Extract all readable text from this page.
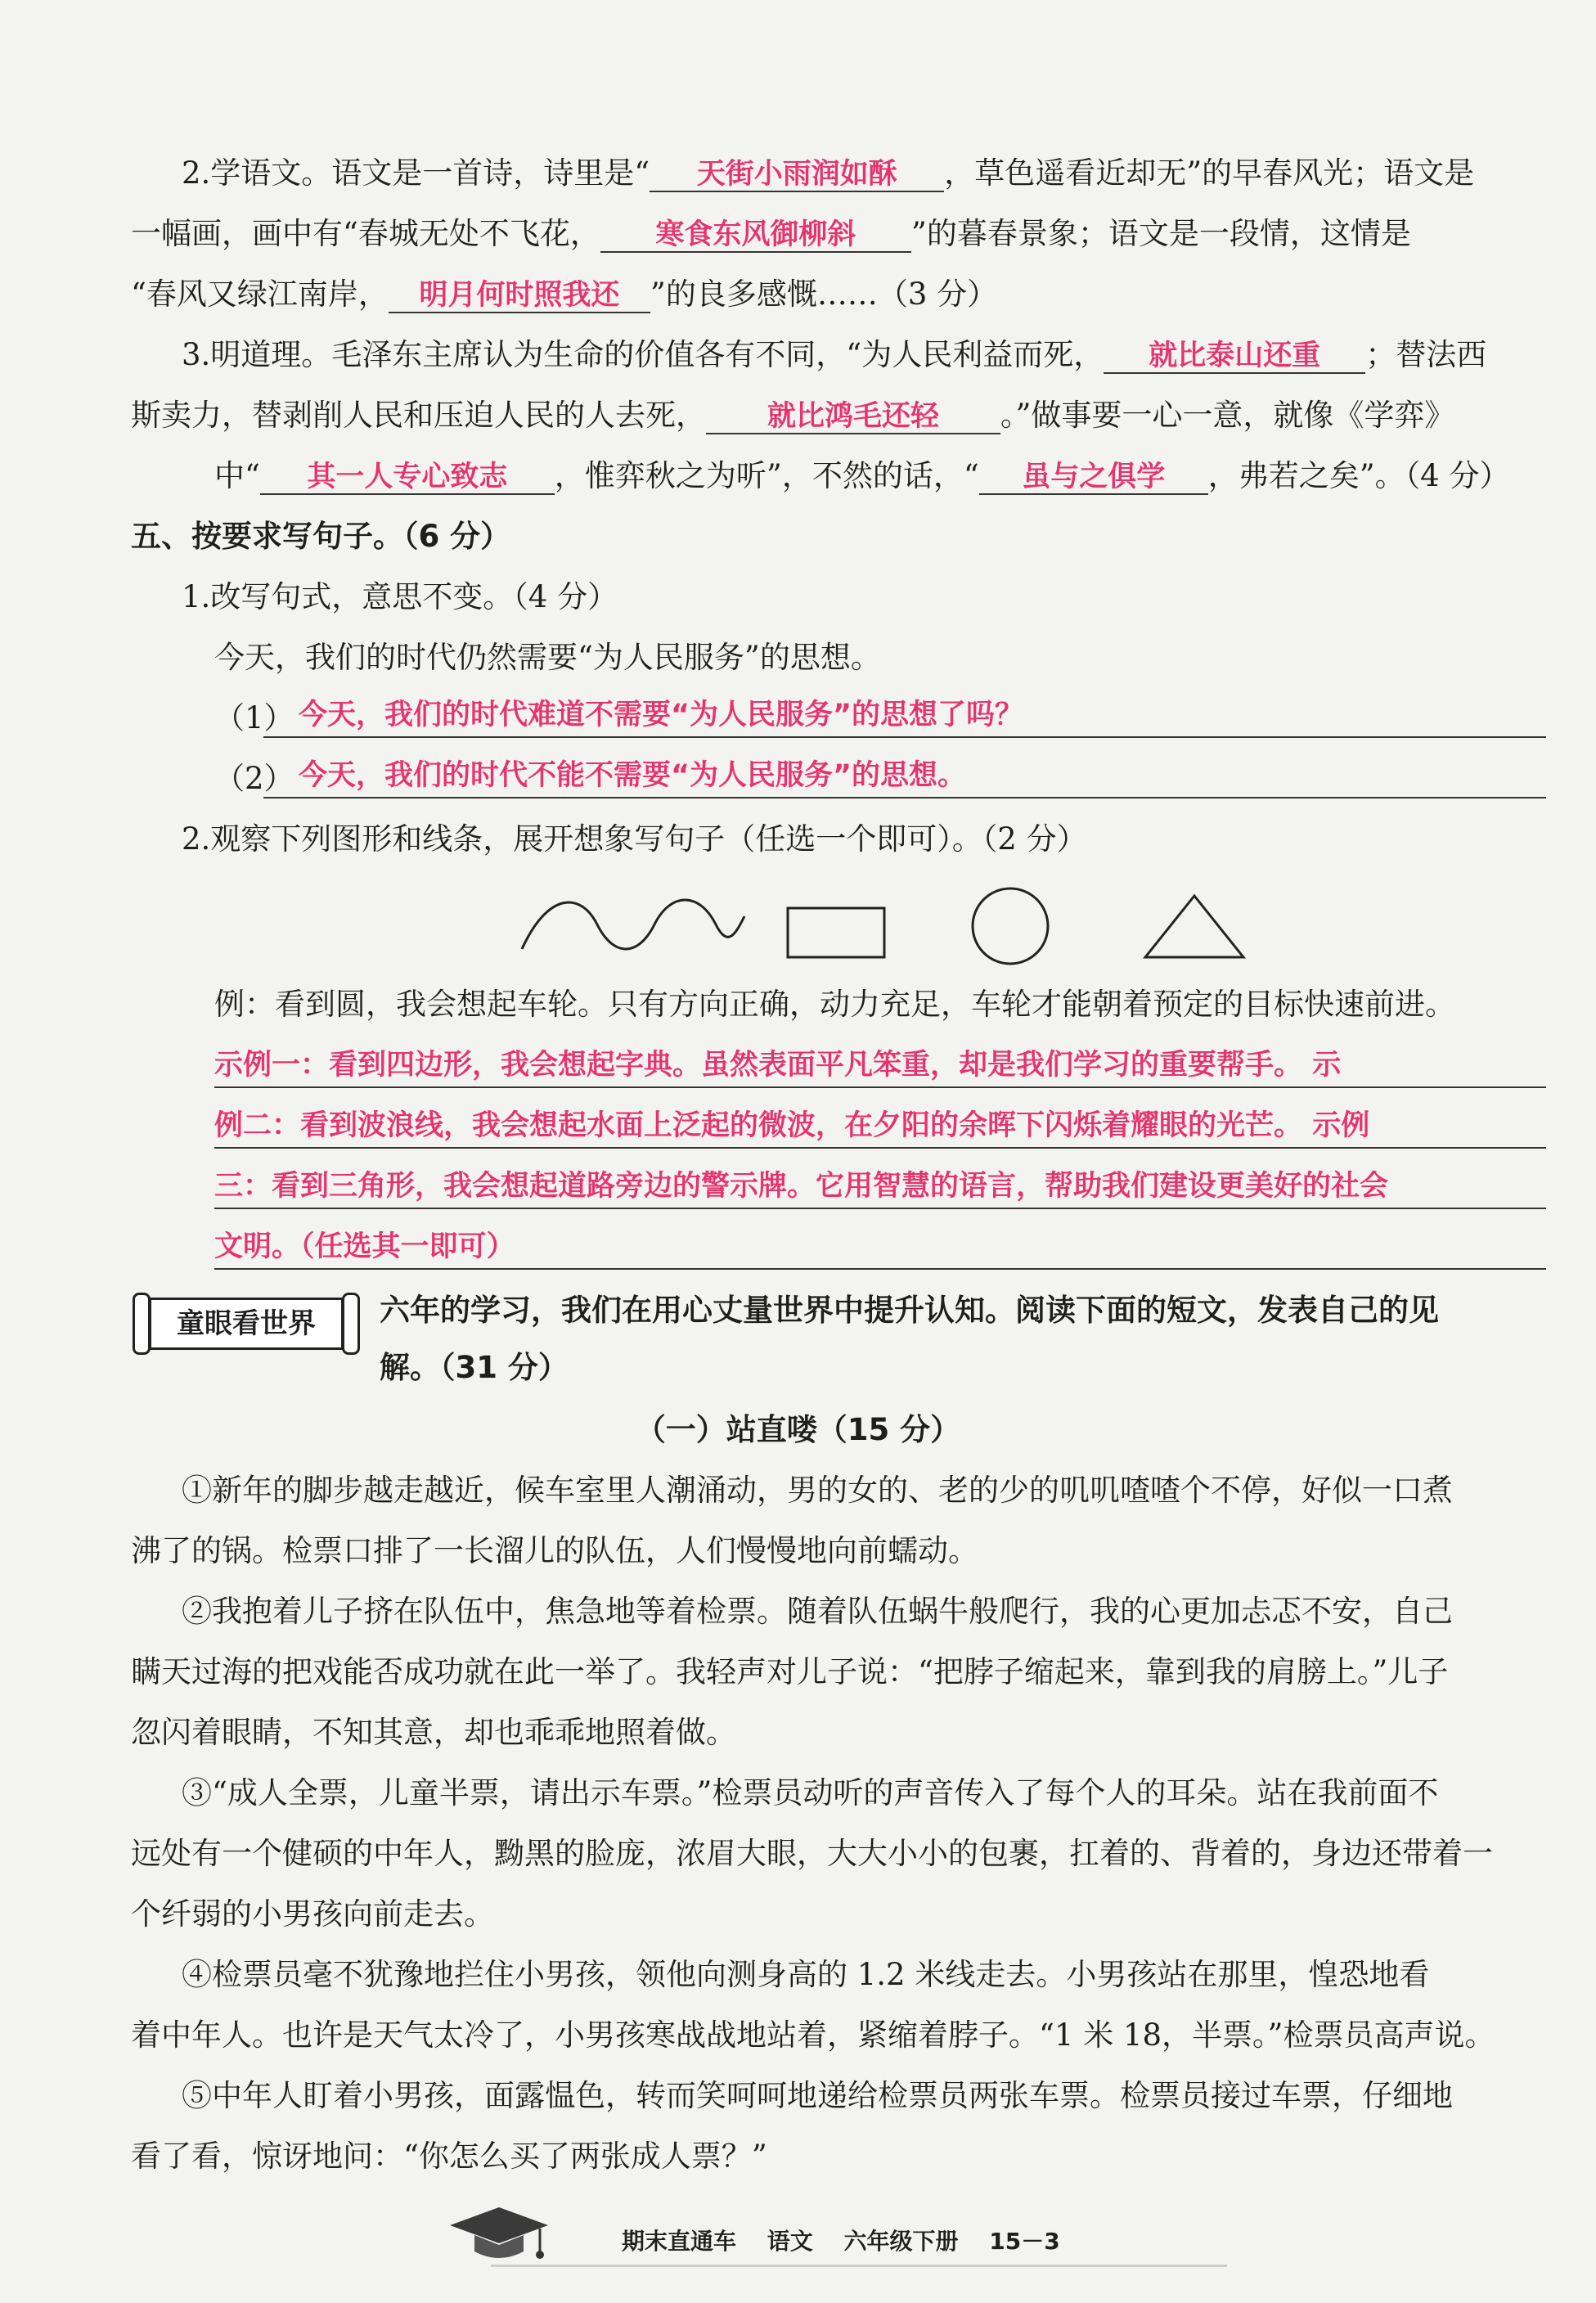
2.学语文。语文是一首诗，诗里是“ 天街小雨润如酥 ，草色遥看近却无”的早春风光；语文是
一幅画，画中有“春城无处不飞花， 寒食东风御柳斜 ”的暮春景象；语文是一段情，这情是
“春风又绿江南岸， 明月何时照我还 ”的良多感慨……（3 分）
3.明道理。毛泽东主席认为生命的价值各有不同，“为人民利益而死， 就比泰山还重 ；替法西
斯卖力，替剥削人民和压迫人民的人去死， 就比鸿毛还轻 。”做事要一心一意，就像《学弈》
中“ 其一人专心致志 ，惟弈秋之为听”，不然的话，“ 虽与之俱学 ，弗若之矣”。（4 分）
五、按要求写句子。（6 分）
1.改写句式，意思不变。（4 分）
今天，我们的时代仍然需要“为人民服务”的思想。
（1） 今天，我们的时代难道不需要“为人民服务”的思想了吗？
（2） 今天，我们的时代不能不需要“为人民服务”的思想。
2.观察下列图形和线条，展开想象写句子（任选一个即可）。（2 分）
例：看到圆，我会想起车轮。只有方向正确，动力充足，车轮才能朝着预定的目标快速前进。
示例一：看到四边形，我会想起字典。虽然表面平凡笨重，却是我们学习的重要帮手。 示
例二：看到波浪线，我会想起水面上泛起的微波，在夕阳的余晖下闪烁着耀眼的光芒。 示例
三：看到三角形，我会想起道路旁边的警示牌。它用智慧的语言，帮助我们建设更美好的社会
文明。（任选其一即可）
童眼看世界	六年的学习，我们在用心丈量世界中提升认知。阅读下面的短文，发表自己的见
解。（31 分）
（一）站直喽（15 分）
①新年的脚步越走越近，候车室里人潮涌动，男的女的、老的少的叽叽喳喳个不停，好似一口煮
沸了的锅。检票口排了一长溜儿的队伍，人们慢慢地向前蠕动。
②我抱着儿子挤在队伍中，焦急地等着检票。随着队伍蜗牛般爬行，我的心更加忐忑不安，自己
瞒天过海的把戏能否成功就在此一举了。我轻声对儿子说：“把脖子缩起来，靠到我的肩膀上。”儿子
忽闪着眼睛，不知其意，却也乖乖地照着做。
③“成人全票，儿童半票，请出示车票。”检票员动听的声音传入了每个人的耳朵。站在我前面不
远处有一个健硕的中年人，黝黑的脸庞，浓眉大眼，大大小小的包裹，扛着的、背着的，身边还带着一
个纤弱的小男孩向前走去。
④检票员毫不犹豫地拦住小男孩，领他向测身高的 1.2 米线走去。小男孩站在那里，惶恐地看
着中年人。也许是天气太冷了，小男孩寒战战地站着，紧缩着脖子。“1 米 18，半票。”检票员高声说。
⑤中年人盯着小男孩，面露愠色，转而笑呵呵地递给检票员两张车票。检票员接过车票，仔细地
看了看，惊讶地问：“你怎么买了两张成人票？”
期末直通车 语文 六年级下册 15－3
